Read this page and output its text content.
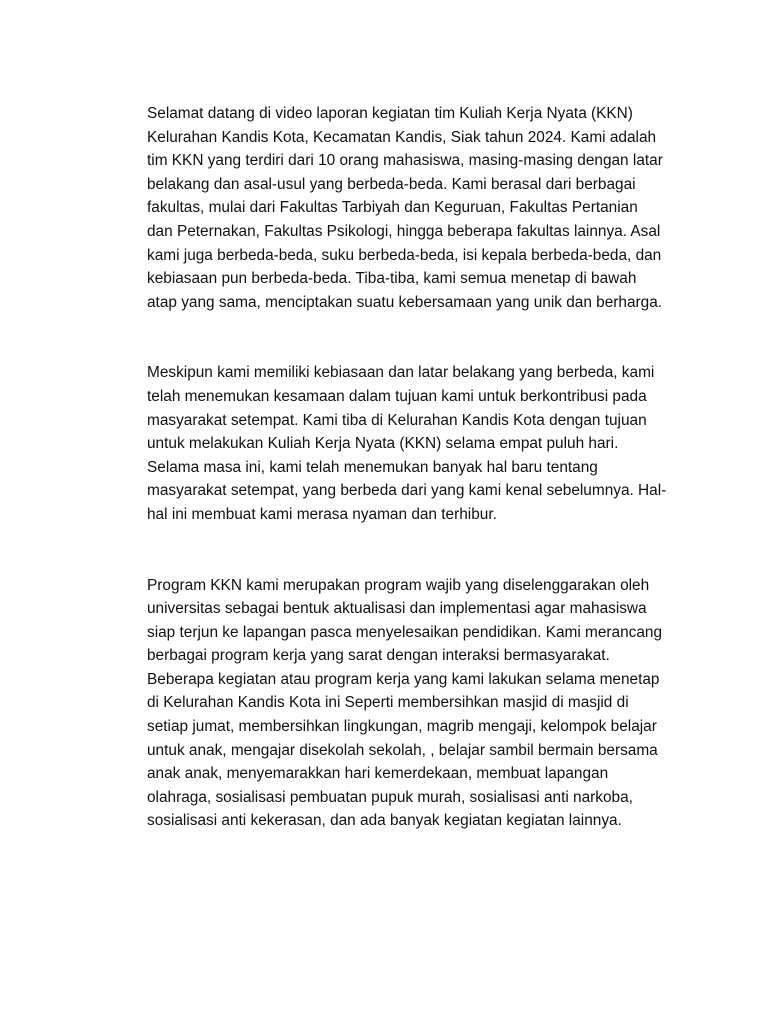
Selamat datang di video laporan kegiatan tim Kuliah Kerja Nyata (KKN) Kelurahan Kandis Kota, Kecamatan Kandis, Siak tahun 2024. Kami adalah tim KKN yang terdiri dari 10 orang mahasiswa, masing-masing dengan latar belakang dan asal-usul yang berbeda-beda. Kami berasal dari berbagai fakultas, mulai dari Fakultas Tarbiyah dan Keguruan, Fakultas Pertanian dan Peternakan, Fakultas Psikologi, hingga beberapa fakultas lainnya. Asal kami juga berbeda-beda, suku berbeda-beda, isi kepala berbeda-beda, dan kebiasaan pun berbeda-beda. Tiba-tiba, kami semua menetap di bawah atap yang sama, menciptakan suatu kebersamaan yang unik dan berharga.

Meskipun kami memiliki kebiasaan dan latar belakang yang berbeda, kami telah menemukan kesamaan dalam tujuan kami untuk berkontribusi pada masyarakat setempat. Kami tiba di Kelurahan Kandis Kota dengan tujuan untuk melakukan Kuliah Kerja Nyata (KKN) selama empat puluh hari. Selama masa ini, kami telah menemukan banyak hal baru tentang masyarakat setempat, yang berbeda dari yang kami kenal sebelumnya. Hal-hal ini membuat kami merasa nyaman dan terhibur.

Program KKN kami merupakan program wajib yang diselenggarakan oleh universitas sebagai bentuk aktualisasi dan implementasi agar mahasiswa siap terjun ke lapangan pasca menyelesaikan pendidikan. Kami merancang berbagai program kerja yang sarat dengan interaksi bermasyarakat. Beberapa kegiatan atau program kerja yang kami lakukan selama menetap di Kelurahan Kandis Kota ini Seperti membersihkan masjid di masjid di setiap jumat, membersihkan lingkungan, magrib mengaji, kelompok belajar untuk anak, mengajar disekolah sekolah, , belajar sambil bermain bersama anak anak, menyemarakkan hari kemerdekaan, membuat lapangan olahraga, sosialisasi pembuatan pupuk murah, sosialisasi anti narkoba, sosialisasi anti kekerasan, dan ada banyak kegiatan kegiatan lainnya.
